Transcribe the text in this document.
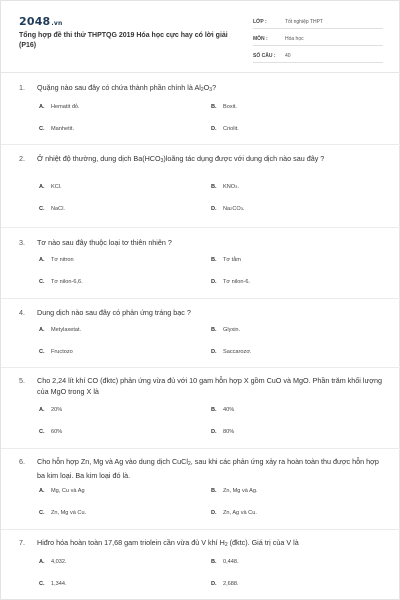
2048.vn
Tổng hợp đề thi thử THPTQG 2019 Hóa học cực hay có lời giải (P16)
LỚP :	Tốt nghiệp THPT
MÔN :	Hóa học
SỐ CÂU :	40
1.	Quặng nào sau đây có chứa thành phần chính là $Al_2O_3$?
A.	Hematit đỏ.	B.	Boxit.
C.	Manhetit.	D.	Criolit.
2.	Ở nhiệt độ thường, dung dịch $Ba(HCO_3)loãng$ tác dụng được với dung dịch nào sau đây ?
A.	KCl.	B.	KNO 3 .
C.	NaCl.	D.	Na 2 CO 3 .
3.	Tơ nào sau đây thuộc loại tơ thiên nhiên ?
A.	Tơ nitron	B.	Tơ tằm
C.	Tơ nilon-6,6.	D.	Tơ nilon-6.
4.	Dung dịch nào sau đây có phản ứng tráng bạc ?
A.	Metylaxetat.	B.	Glyxin.
C.	Fructozo	D.	Saccarozơ.
5.	Cho 2,24 lít khí CO (đktc) phản ứng vừa đủ với 10 gam hỗn hợp X gồm CuO và MgO. Phần trăm khối lượng của MgO trong X là
A.	20%	B.	40%
C.	60%	D.	80%
6.	Cho hỗn hợp Zn, Mg và Ag vào dung dịch CuCl$_2$, sau khi các phản ứng xảy ra hoàn toàn thu được hỗn hợp ba kim loại. Ba kim loại đó là.
A.	Mg, Cu và Ag	B.	Zn, Mg và Ag.
C.	Zn, Mg và Cu.	D.	Zn, Ag và Cu.
7.	Hiđro hóa hoàn toàn 17,68 gam triolein cần vừa đủ V khí $H_2$ (đktc). Giá trị của V là
A.	4,032.	B.	0,448.
C.	1,344.	D.	2,688.
